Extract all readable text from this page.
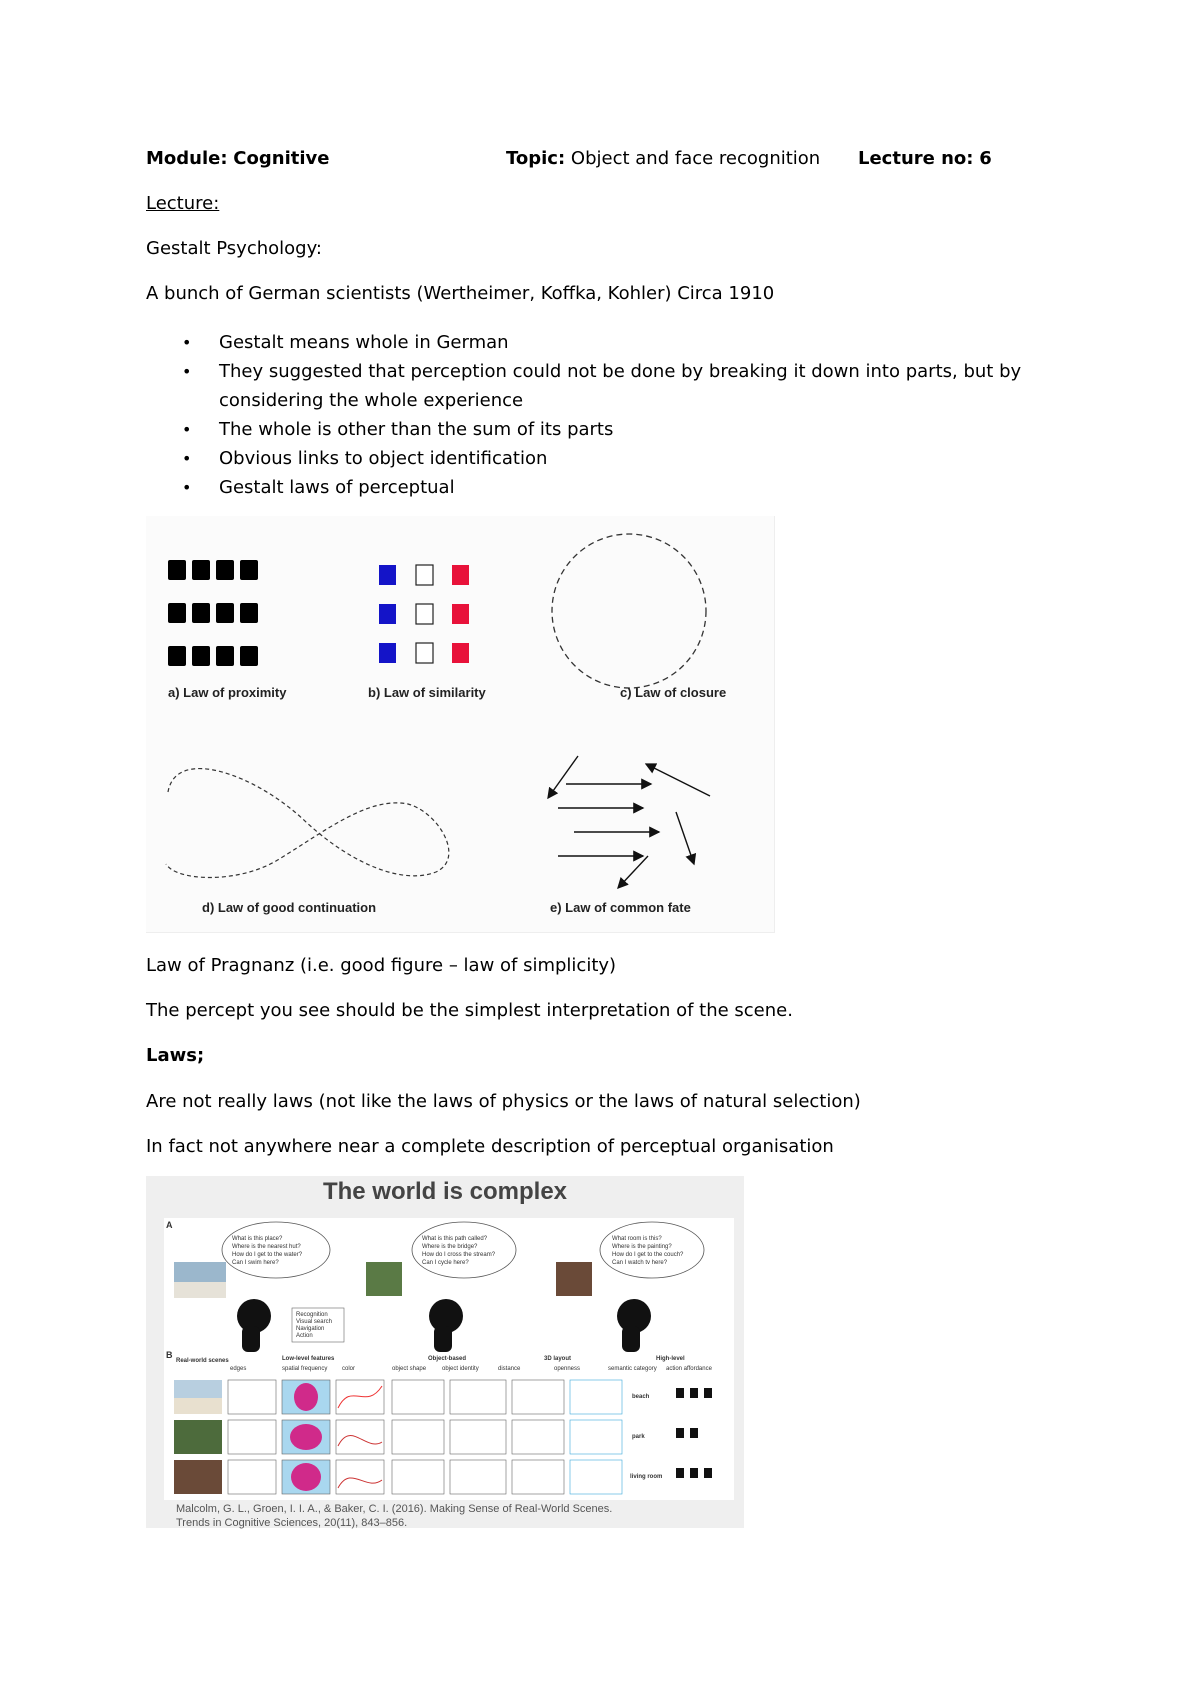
Module: Cognitive	Topic: Object and face recognition Lecture no: 6
Lecture:
Gestalt Psychology:
A bunch of German scientists (Wertheimer, Koffka, Kohler) Circa 1910
• Gestalt means whole in German
• They suggested that perception could not be done by breaking it down into parts, but by considering the whole experience
• The whole is other than the sum of its parts
• Obvious links to object identification
• Gestalt laws of perceptual
a) Law of proximity	b) Law of similarity	c) Law of closure
d) Law of good continuation	e) Law of common fate
Law of Pragnanz (i.e. good figure – law of simplicity)
The percept you see should be the simplest interpretation of the scene.
Laws;
Are not really laws (not like the laws of physics or the laws of natural selection)
In fact not anywhere near a complete description of perceptual organisation
The world is complex
A
B
What is this place?
Where is the nearest hut?
How do I get to the water?
Can I swim here?
What is this path called?
Where is the bridge?
How do I cross the stream?
Can I cycle here?
What room is this?
Where is the painting?
How do I get to the couch?
Can I watch tv here?
Recognition
Visual search
Navigation
Action
Real-world scenes	Low-level features	Object-based	3D layout	High-level
edges	spatial frequency color	object shape	object identity	distance	openness	semantic category action affordance
beach
park
living room
Malcolm, G. L., Groen, I. I. A., & Baker, C. I. (2016). Making Sense of Real-World Scenes.
Trends in Cognitive Sciences, 20(11), 843–856.
